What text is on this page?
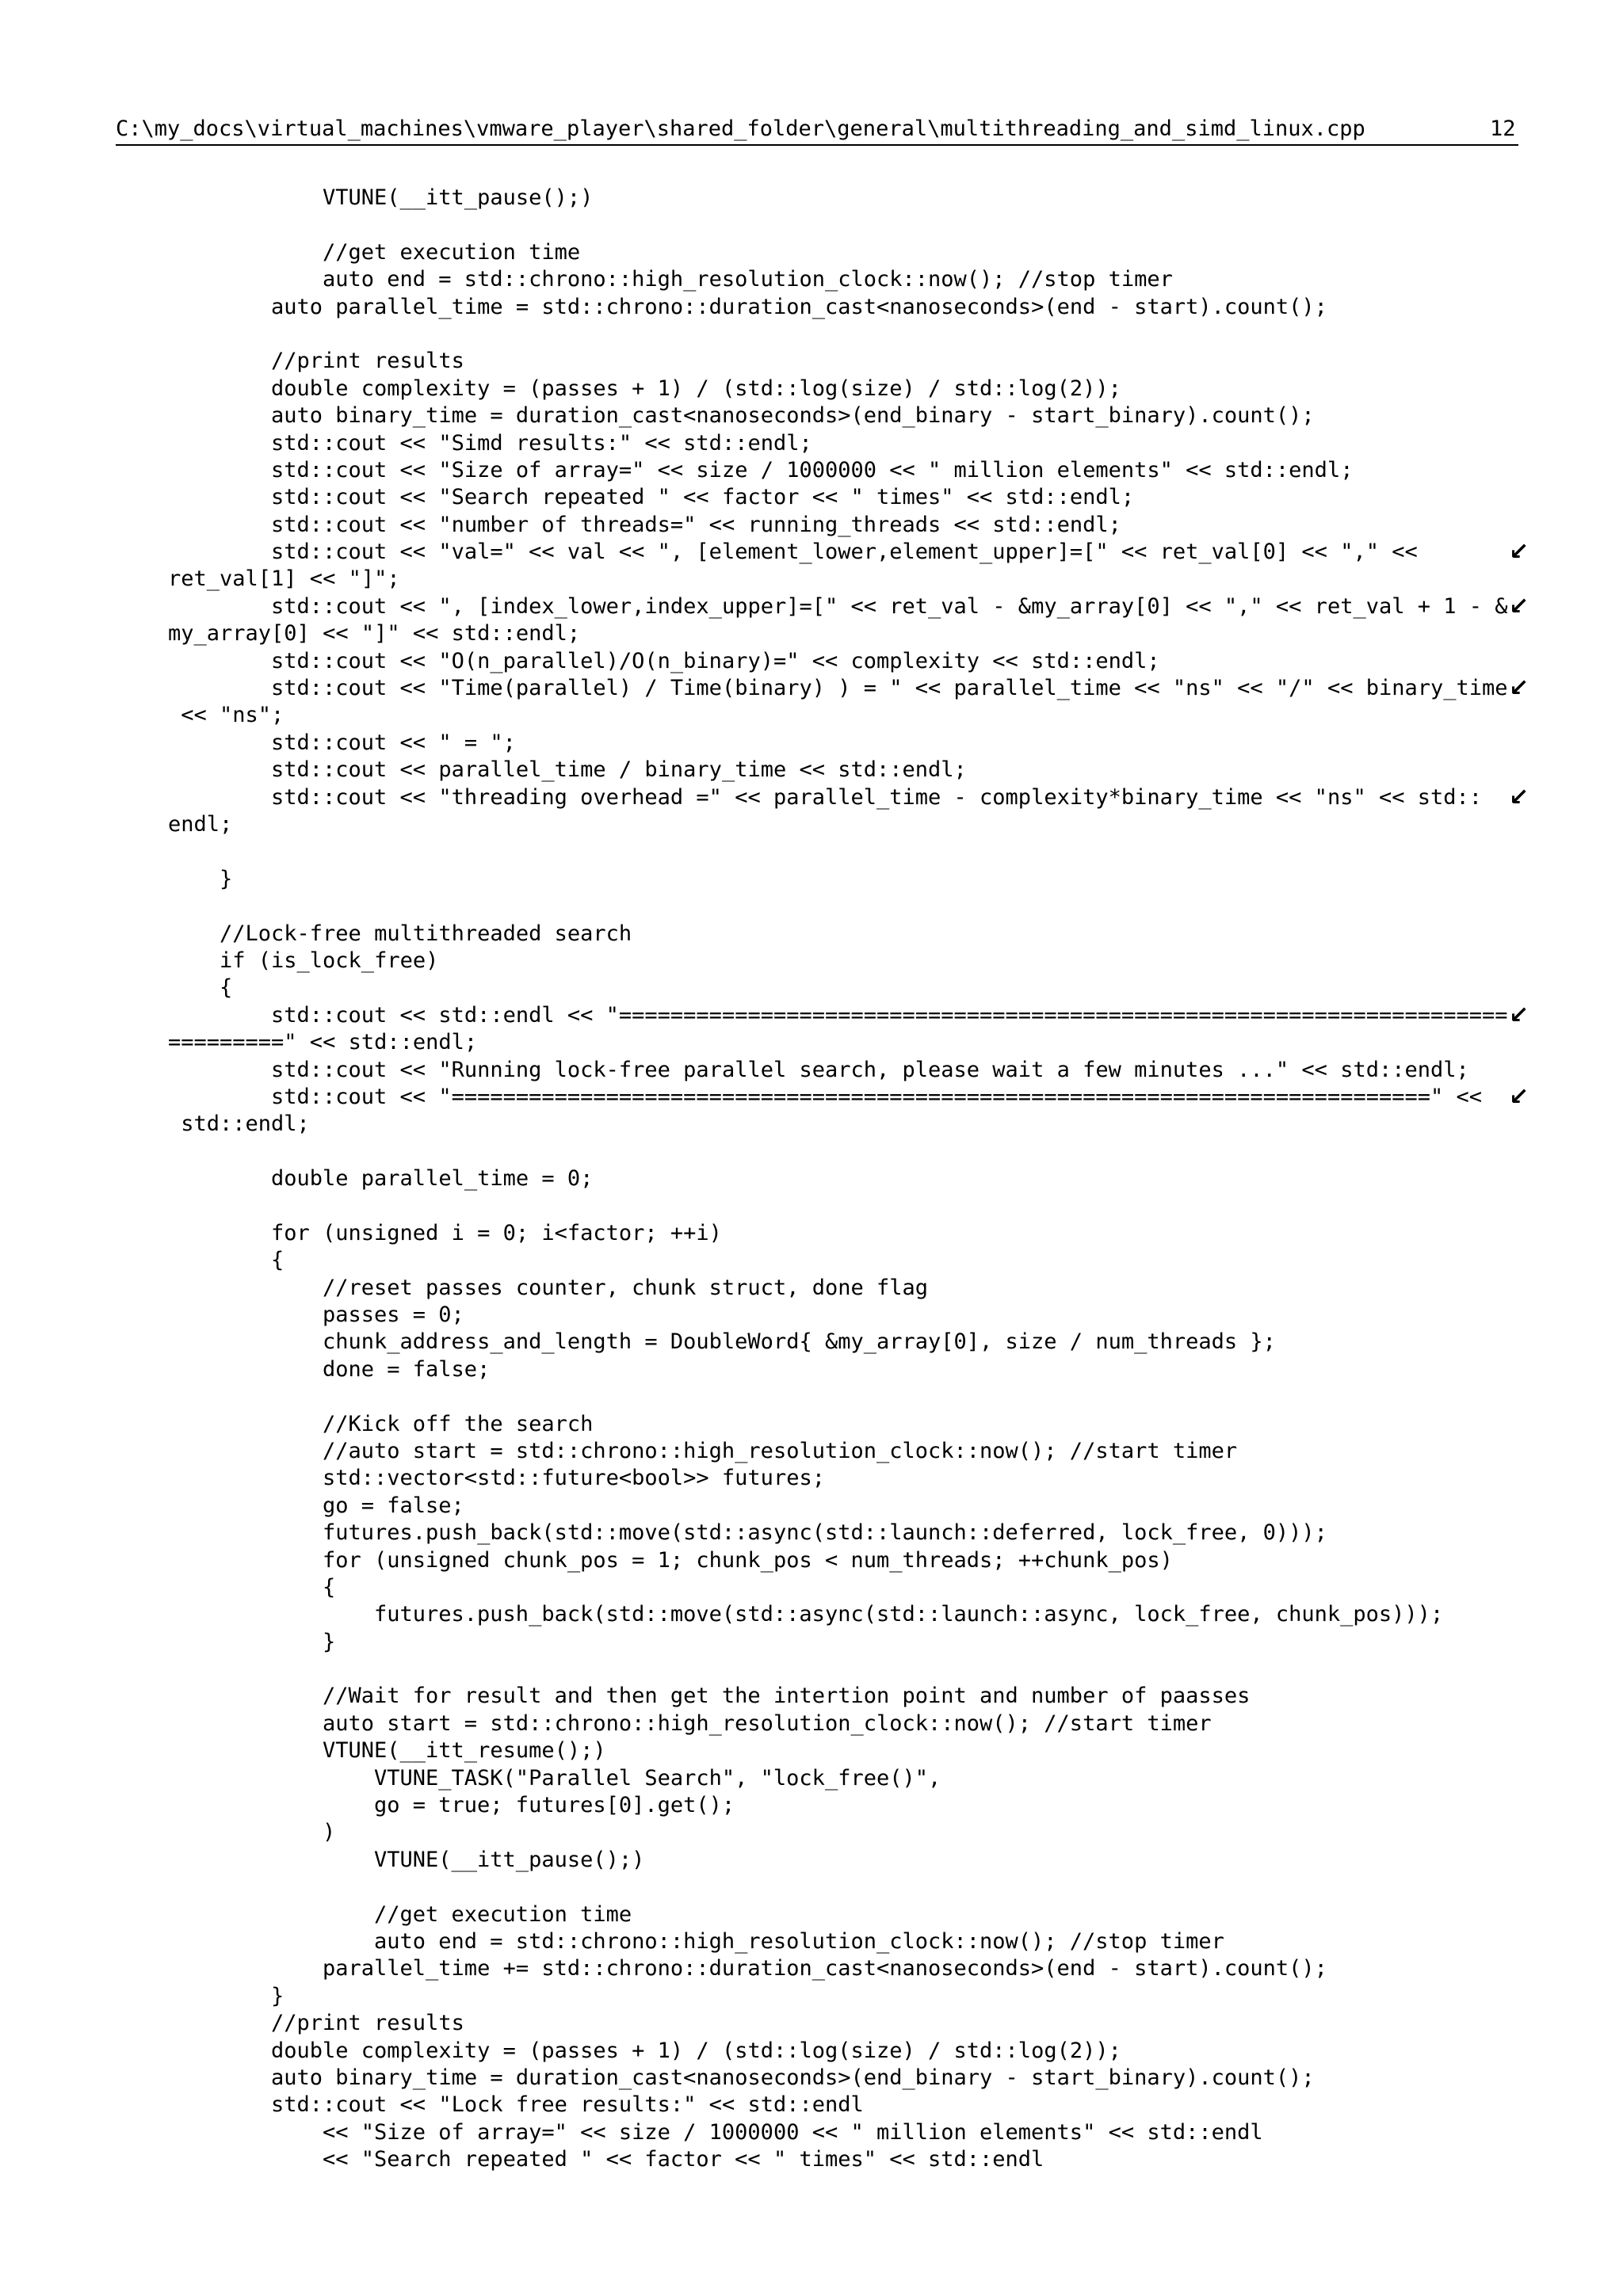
C:\my_docs\virtual_machines\vmware_player\shared_folder\general\multithreading_and_simd_linux.cpp	12
VTUNE(__itt_pause();)
//get execution time
auto end = std::chrono::high_resolution_clock::now(); //stop timer
auto parallel_time = std::chrono::duration_cast<nanoseconds>(end - start).count();
//print results
double complexity = (passes + 1) / (std::log(size) / std::log(2));
auto binary_time = duration_cast<nanoseconds>(end_binary - start_binary).count();
std::cout << "Simd results:" << std::endl;
std::cout << "Size of array=" << size / 1000000 << " million elements" << std::endl;
std::cout << "Search repeated " << factor << " times" << std::endl;
std::cout << "number of threads=" << running_threads << std::endl;
std::cout << "val=" << val << ", [element_lower,element_upper]=[" << ret_val[0] << "," <<	↙
ret_val[1] << "]";
std::cout << ", [index_lower,index_upper]=[" << ret_val - &my_array[0] << "," << ret_val + 1 - & ↙
my_array[0] << "]" << std::endl;
std::cout << "O(n_parallel)/O(n_binary)=" << complexity << std::endl;
std::cout << "Time(parallel) / Time(binary) ) = " << parallel_time << "ns" << "/" << binary_time ↙
<< "ns";
std::cout << " = ";
std::cout << parallel_time / binary_time << std::endl;
std::cout << "threading overhead =" << parallel_time - complexity*binary_time << "ns" << std:: ↙
endl;
}
//Lock-free multithreaded search
if (is_lock_free)
{
std::cout << std::endl << "===================================================================== ↙
=========" << std::endl;
std::cout << "Running lock-free parallel search, please wait a few minutes ..." << std::endl;
std::cout << "============================================================================" << ↙
std::endl;
double parallel_time = 0;
for (unsigned i = 0; i<factor; ++i)
{
//reset passes counter, chunk struct, done flag
passes = 0;
chunk_address_and_length = DoubleWord{ &my_array[0], size / num_threads };
done = false;
//Kick off the search
//auto start = std::chrono::high_resolution_clock::now(); //start timer
std::vector<std::future<bool>> futures;
go = false;
futures.push_back(std::move(std::async(std::launch::deferred, lock_free, 0)));
for (unsigned chunk_pos = 1; chunk_pos < num_threads; ++chunk_pos)
{
futures.push_back(std::move(std::async(std::launch::async, lock_free, chunk_pos)));
}
//Wait for result and then get the intertion point and number of paasses
auto start = std::chrono::high_resolution_clock::now(); //start timer
VTUNE(__itt_resume();)
VTUNE_TASK("Parallel Search", "lock_free()",
go = true; futures[0].get();
)
VTUNE(__itt_pause();)
//get execution time
auto end = std::chrono::high_resolution_clock::now(); //stop timer
parallel_time += std::chrono::duration_cast<nanoseconds>(end - start).count();
}
//print results
double complexity = (passes + 1) / (std::log(size) / std::log(2));
auto binary_time = duration_cast<nanoseconds>(end_binary - start_binary).count();
std::cout << "Lock free results:" << std::endl
<< "Size of array=" << size / 1000000 << " million elements" << std::endl
<< "Search repeated " << factor << " times" << std::endl
